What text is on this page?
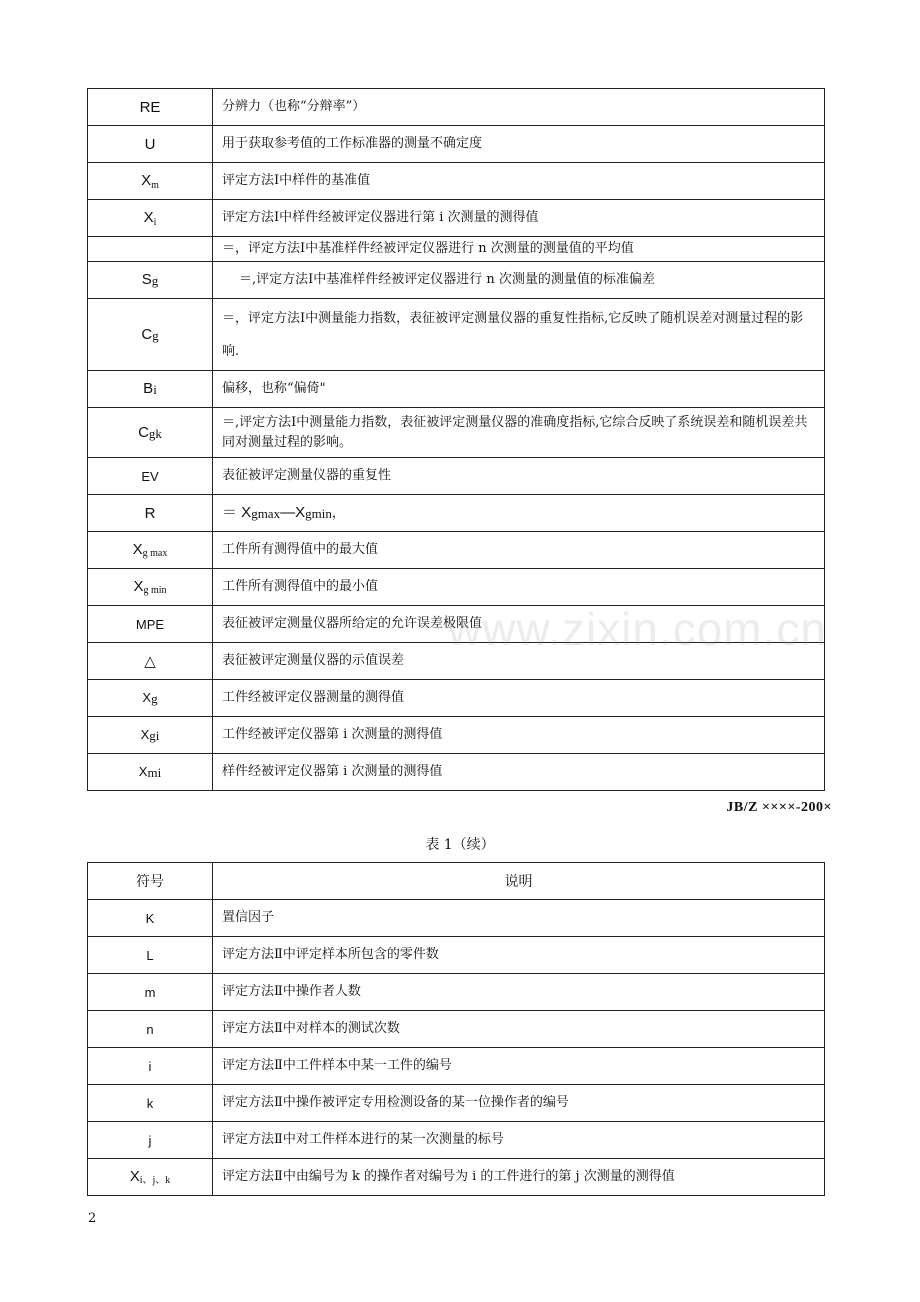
RE	分辨力（也称“分辩率”）
U	用于获取参考值的工作标准器的测量不确定度
$X_m$	评定方法Ⅰ中样件的基准值
$X_i$	评定方法Ⅰ中样件经被评定仪器进行第 i 次测量的测得值
	＝，评定方法Ⅰ中基准样件经被评定仪器进行 n 次测量的测量值的平均值
Sg	＝,评定方法Ⅰ中基准样件经被评定仪器进行 n 次测量的测量值的标准偏差
Cg	＝，评定方法Ⅰ中测量能力指数，表征被评定测量仪器的重复性指标,它反映了随机误差对测量过程的影响.
Bi	偏移，也称“偏倚"
Cgk	＝,评定方法Ⅰ中测量能力指数，表征被评定测量仪器的准确度指标,它综合反映了系统误差和随机误差共同对测量过程的影响。
EV	表征被评定测量仪器的重复性
R	＝ Xgmax—Xgmin，
$X_{g max}$	工件所有测得值中的最大值
$X_{g min}$	工件所有测得值中的最小值
MPE	表征被评定测量仪器所给定的允许误差极限值
△	表征被评定测量仪器的示值误差
Xg	工件经被评定仪器测量的测得值
Xgi	工件经被评定仪器第 i 次测量的测得值
Xmi	样件经被评定仪器第 i 次测量的测得值
JB/Z ××××-200×
表 1（续）
符号	说明
K	置信因子
L	评定方法Ⅱ中评定样本所包含的零件数
m	评定方法Ⅱ中操作者人数
n	评定方法Ⅱ中对样本的测试次数
i	评定方法Ⅱ中工件样本中某一工件的编号
k	评定方法Ⅱ中操作被评定专用检测设备的某一位操作者的编号
j	评定方法Ⅱ中对工件样本进行的某一次测量的标号
$X_{i、j、k}$	评定方法Ⅱ中由编号为 k 的操作者对编号为 i 的工件进行的第 j 次测量的测得值
www.zixin.com.cn
2
